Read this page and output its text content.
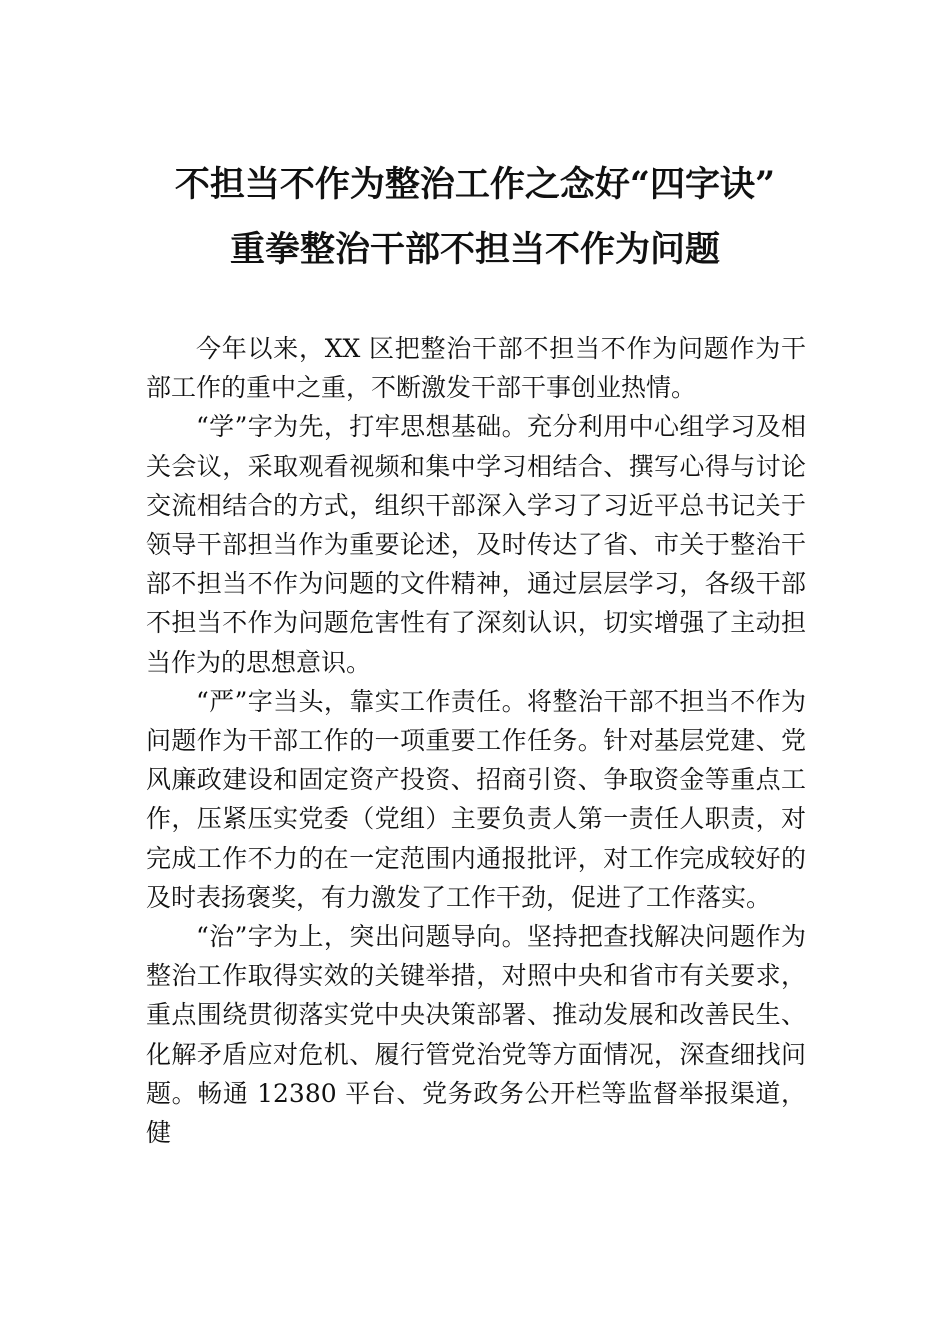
不担当不作为整治工作之念好“四字诀”
重拳整治干部不担当不作为问题

今年以来，XX 区把整治干部不担当不作为问题作为干部工作的重中之重，不断激发干部干事创业热情。

“学”字为先，打牢思想基础。充分利用中心组学习及相关会议，采取观看视频和集中学习相结合、撰写心得与讨论交流相结合的方式，组织干部深入学习了习近平总书记关于领导干部担当作为重要论述，及时传达了省、市关于整治干部不担当不作为问题的文件精神，通过层层学习，各级干部不担当不作为问题危害性有了深刻认识，切实增强了主动担当作为的思想意识。

“严”字当头，靠实工作责任。将整治干部不担当不作为问题作为干部工作的一项重要工作任务。针对基层党建、党风廉政建设和固定资产投资、招商引资、争取资金等重点工作，压紧压实党委（党组）主要负责人第一责任人职责，对完成工作不力的在一定范围内通报批评，对工作完成较好的及时表扬褒奖，有力激发了工作干劲，促进了工作落实。

“治”字为上，突出问题导向。坚持把查找解决问题作为整治工作取得实效的关键举措，对照中央和省市有关要求，重点围绕贯彻落实党中央决策部署、推动发展和改善民生、化解矛盾应对危机、履行管党治党等方面情况，深查细找问题。畅通 12380 平台、党务政务公开栏等监督举报渠道，健
